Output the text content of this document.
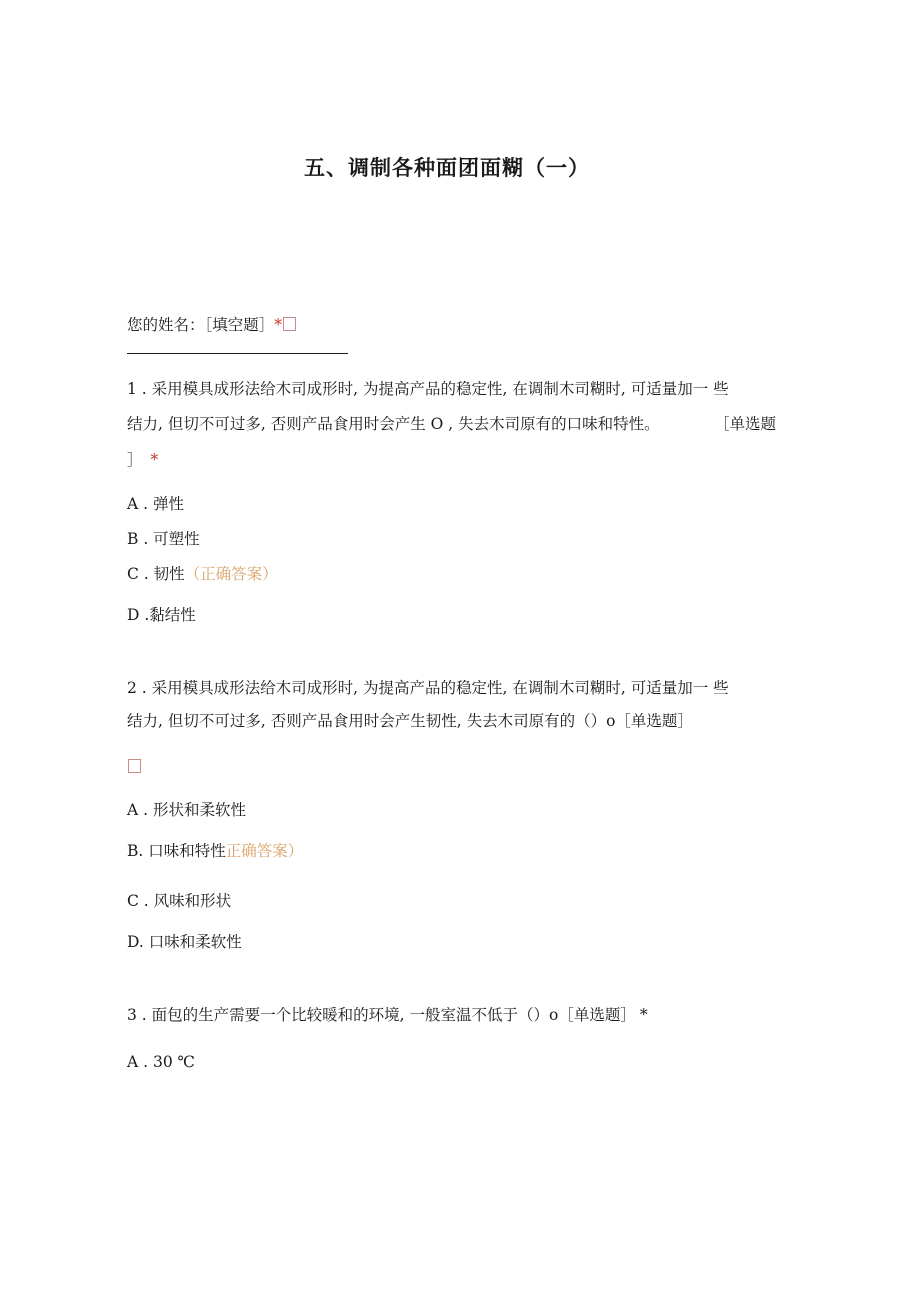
五、调制各种面团面糊（一）
您的姓名：［填空题］*
1 . 采用模具成形法给木司成形时, 为提高产品的稳定性, 在调制木司糊时, 可适量加一 些
结力, 但切不可过多, 否则产品食用时会产生 O , 失去木司原有的口味和特性。	［单选题
］ *
A . 弹性
B . 可塑性
C . 韧性（正确答案）
D .黏结性
2 . 采用模具成形法给木司成形时, 为提高产品的稳定性, 在调制木司糊时, 可适量加一 些
结力, 但切不可过多, 否则产品食用时会产生韧性, 失去木司原有的（）o［单选题］
A . 形状和柔软性
B. 口味和特性正确答案）
C . 风味和形状
D. 口味和柔软性
3 . 面包的生产需要一个比较暖和的环境, 一般室温不低于（）o［单选题］ *
A . 30 ℃
